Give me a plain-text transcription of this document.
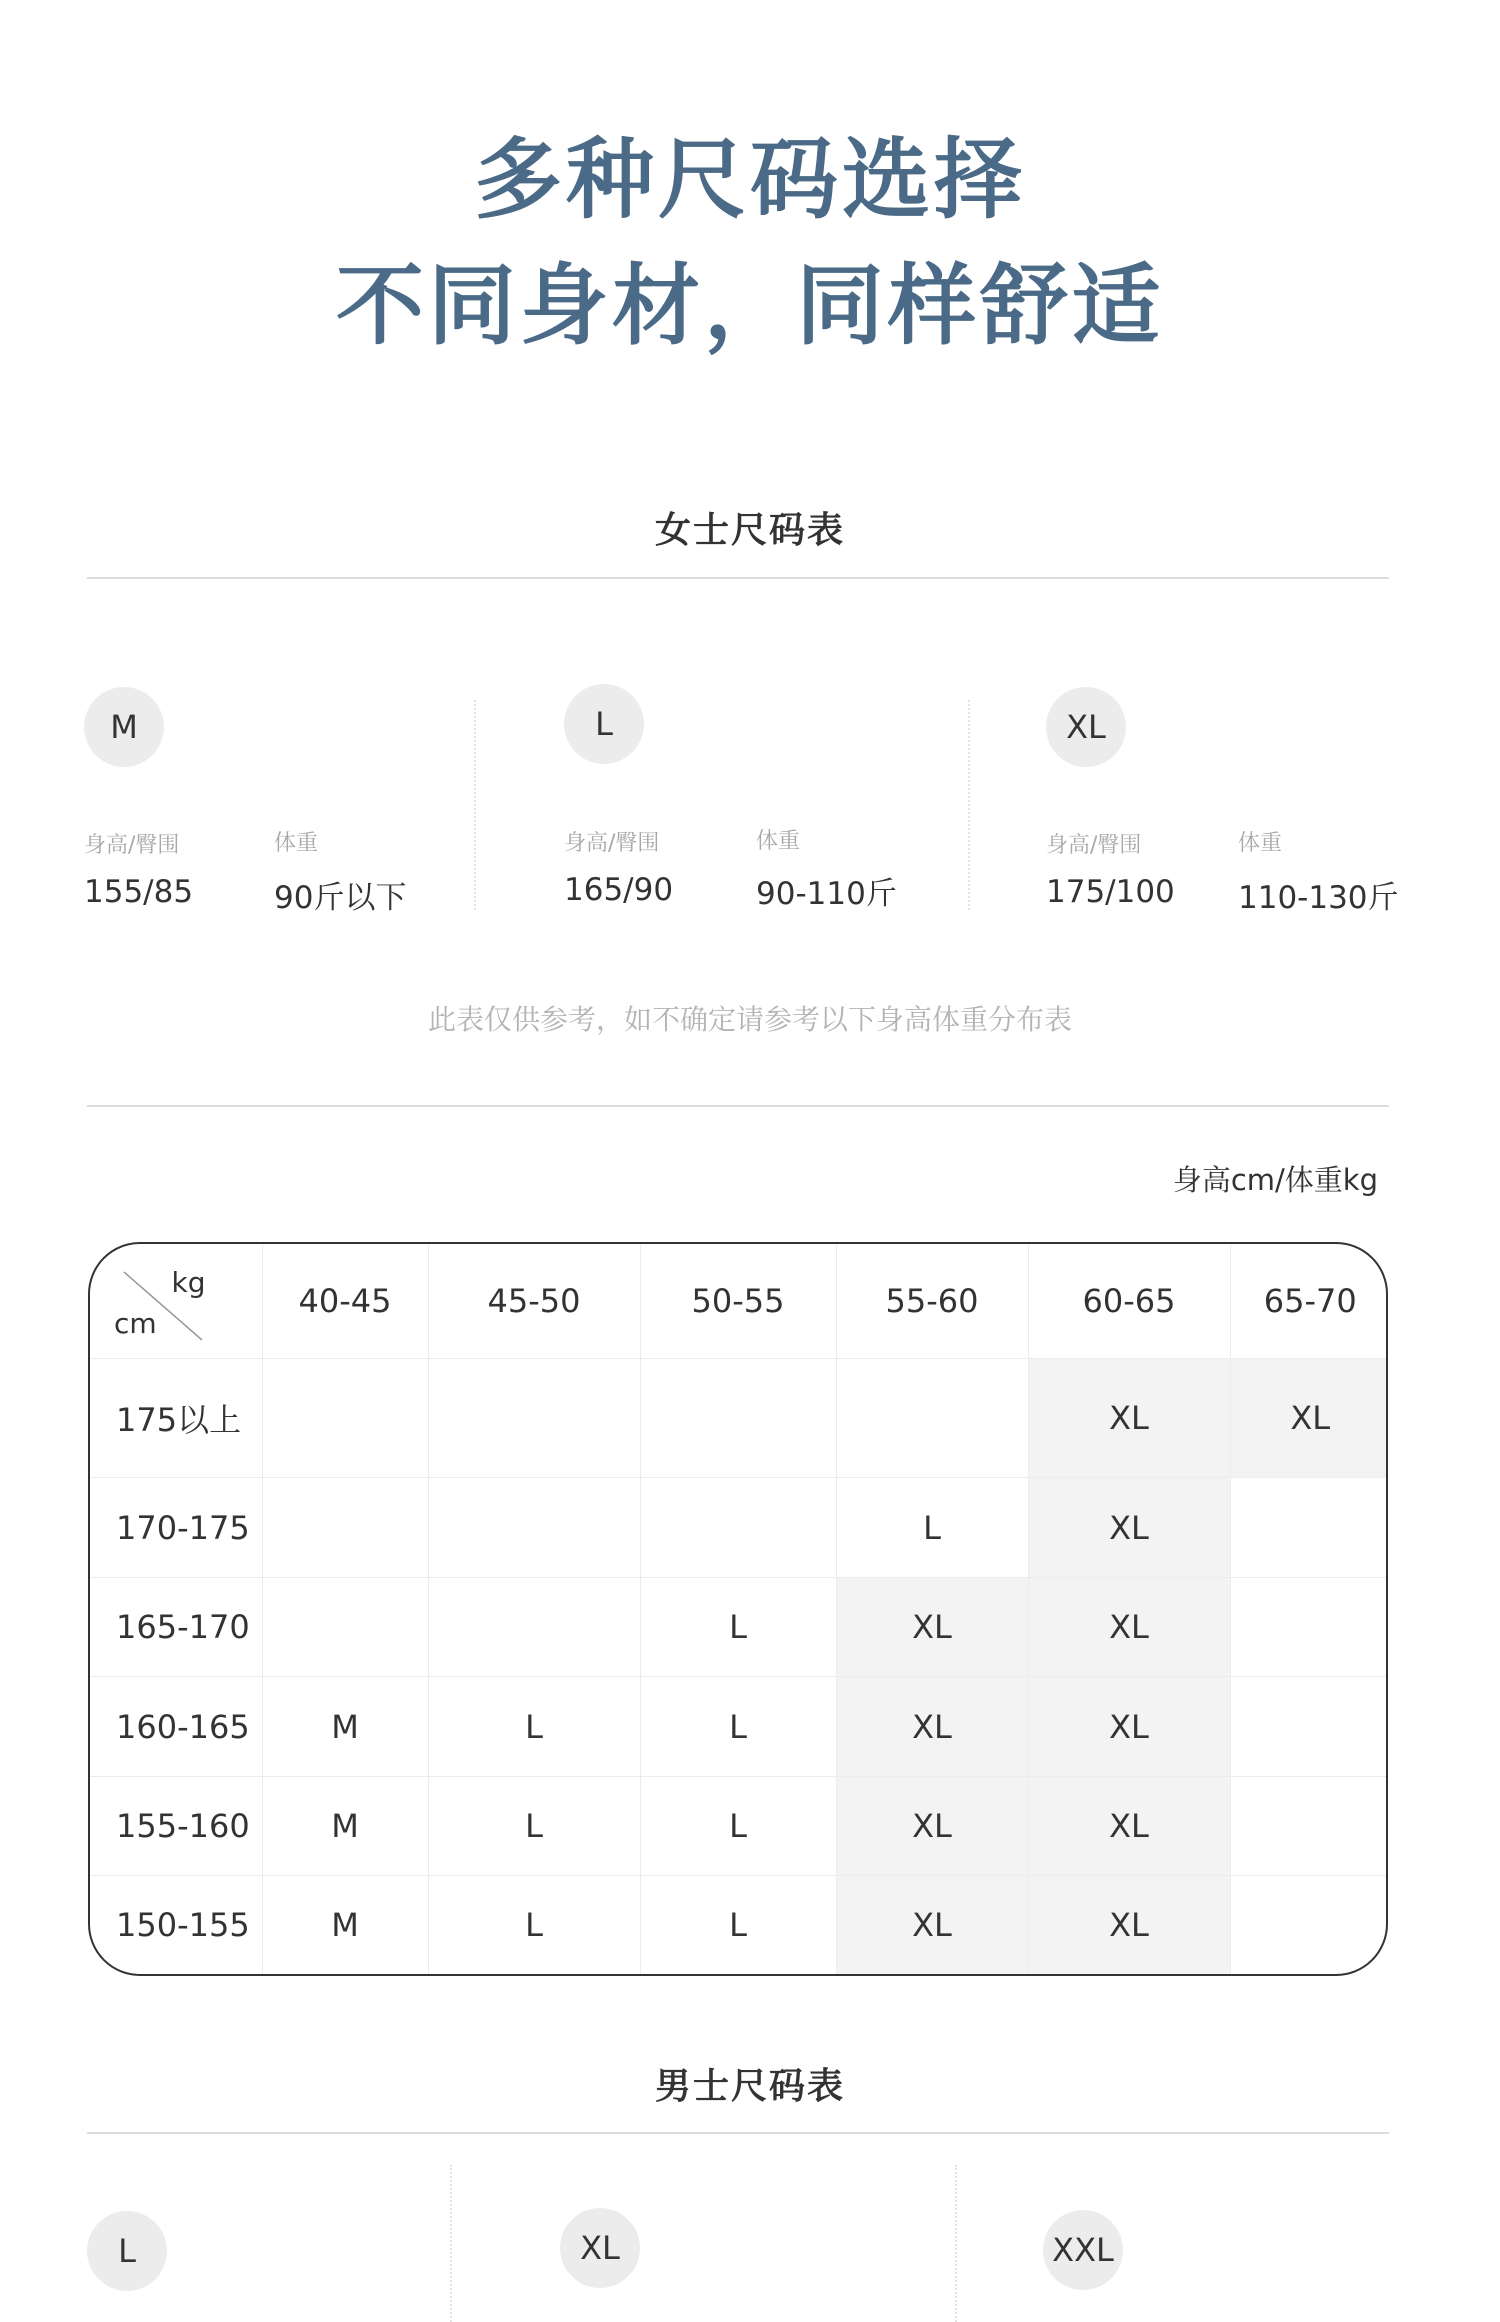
多种尺码选择
不同身材，同样舒适
女士尺码表
M
身高/臀围
155/85
体重
90斤以下
L
身高/臀围
165/90
体重
90-110斤
XL
身高/臀围
175/100
体重
110-130斤
此表仅供参考，如不确定请参考以下身高体重分布表
身高cm/体重kg
kg
cm	40-45	45-50	50-55	55-60	60-65	65-70
175以上					XL	XL
170-175				L	XL	
165-170			L	XL	XL	
160-165	M	L	L	XL	XL	
155-160	M	L	L	XL	XL	
150-155	M	L	L	XL	XL	
男士尺码表
L	XL	XXL
